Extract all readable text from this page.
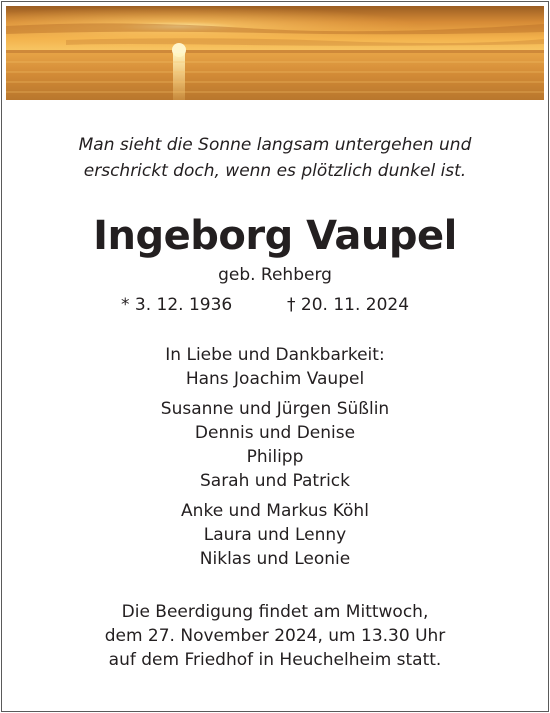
Man sieht die Sonne langsam untergehen und
erschrickt doch, wenn es plötzlich dunkel ist.
Ingeborg Vaupel
geb. Rehberg
* 3. 12. 1936	† 20. 11. 2024
In Liebe und Dankbarkeit:
Hans Joachim Vaupel
Susanne und Jürgen Süßlin
Dennis und Denise
Philipp
Sarah und Patrick
Anke und Markus Köhl
Laura und Lenny
Niklas und Leonie
Die Beerdigung findet am Mittwoch,
dem 27. November 2024, um 13.30 Uhr
auf dem Friedhof in Heuchelheim statt.
